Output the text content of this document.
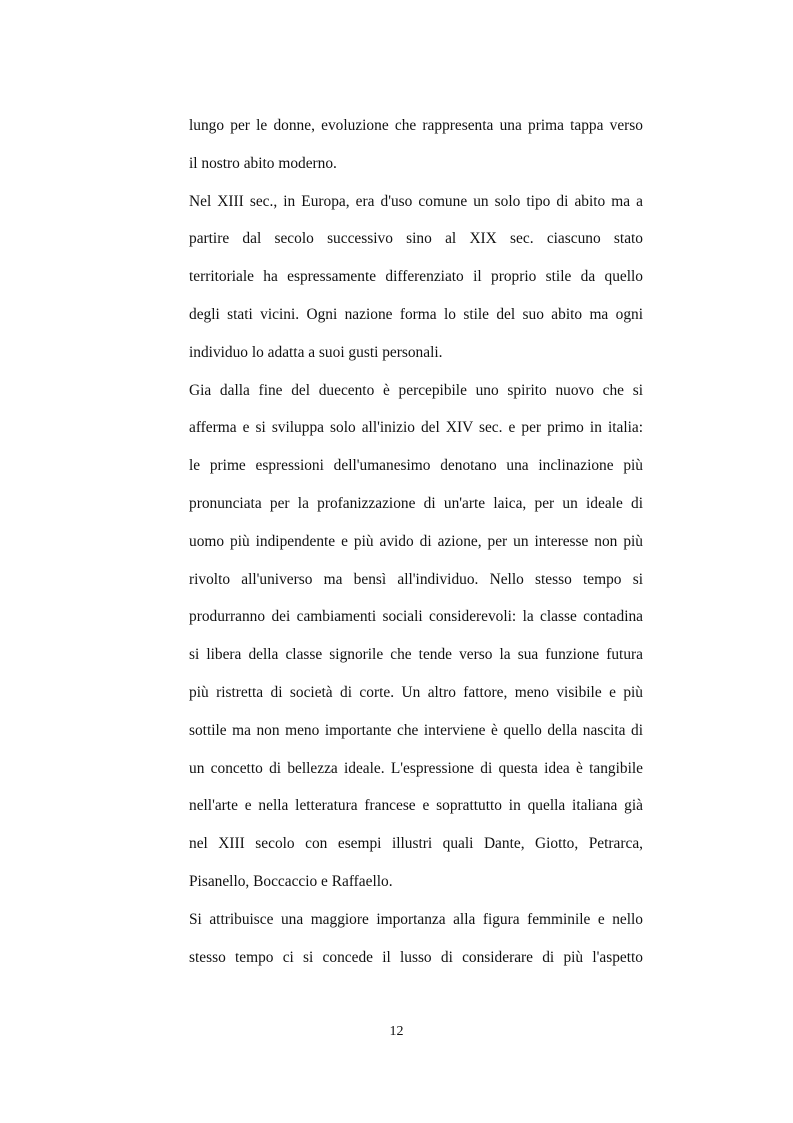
lungo per le donne, evoluzione che rappresenta una prima tappa verso
il nostro abito moderno.
Nel XIII sec., in Europa, era d'uso comune un solo tipo di abito ma a
partire dal secolo successivo sino al XIX sec. ciascuno stato
territoriale ha espressamente differenziato il proprio stile da quello
degli stati vicini. Ogni nazione forma lo stile del suo abito ma ogni
individuo lo adatta a suoi gusti personali.
Gia dalla fine del duecento è percepibile uno spirito nuovo che si
afferma e si sviluppa solo all'inizio del XIV sec. e per primo in italia:
le prime espressioni dell'umanesimo denotano una inclinazione più
pronunciata per la profanizzazione di un'arte laica, per un ideale di
uomo più indipendente e più avido di azione, per un interesse non più
rivolto all'universo ma bensì all'individuo. Nello stesso tempo si
produrranno dei cambiamenti sociali considerevoli: la classe contadina
si libera della classe signorile che tende verso la sua funzione futura
più ristretta di società di corte. Un altro fattore, meno visibile e più
sottile ma non meno importante che interviene è quello della nascita di
un concetto di bellezza ideale. L'espressione di questa idea è tangibile
nell'arte e nella letteratura francese e soprattutto in quella italiana già
nel XIII secolo con esempi illustri quali Dante, Giotto, Petrarca,
Pisanello, Boccaccio e Raffaello.
Si attribuisce una maggiore importanza alla figura femminile e nello
stesso tempo ci si concede il lusso di considerare di più l'aspetto
12
